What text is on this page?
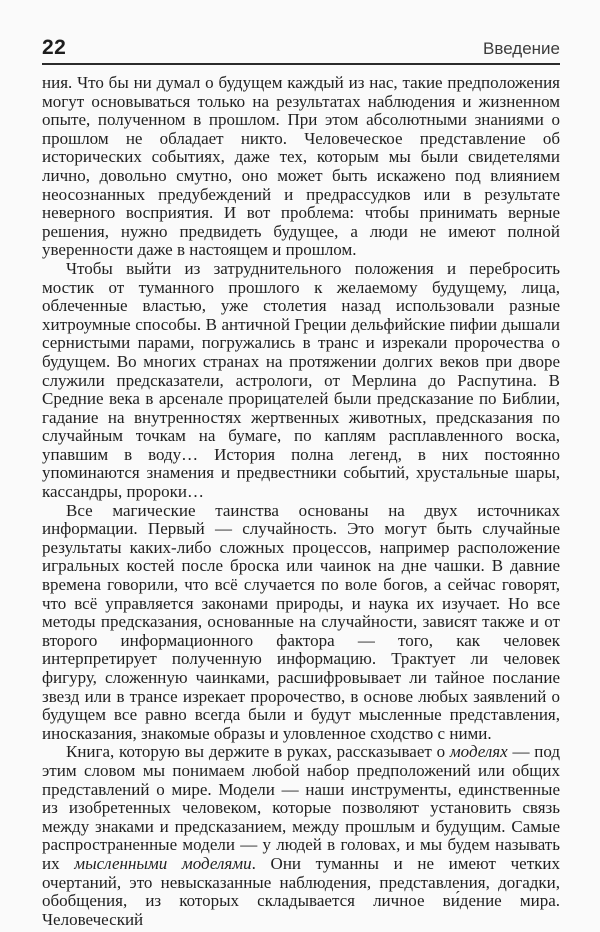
22	Введение

ния. Что бы ни думал о будущем каждый из нас, такие предположения могут основываться только на результатах наблюдения и жизненном опыте, полученном в прошлом. При этом абсолютными знаниями о прошлом не обладает никто. Человеческое представление об исторических событиях, даже тех, которым мы были свидетелями лично, довольно смутно, оно может быть искажено под влиянием неосознанных предубеждений и предрассудков или в результате неверного восприятия. И вот проблема: чтобы принимать верные решения, нужно предвидеть будущее, а люди не имеют полной уверенности даже в настоящем и прошлом.

Чтобы выйти из затруднительного положения и перебросить мостик от туманного прошлого к желаемому будущему, лица, облеченные властью, уже столетия назад использовали разные хитроумные способы. В античной Греции дельфийские пифии дышали сернистыми парами, погружались в транс и изрекали пророчества о будущем. Во многих странах на протяжении долгих веков при дворе служили предсказатели, астрологи, от Мерлина до Распутина. В Средние века в арсенале прорицателей были предсказание по Библии, гадание на внутренностях жертвенных животных, предсказания по случайным точкам на бумаге, по каплям расплавленного воска, упавшим в воду… История полна легенд, в них постоянно упоминаются знамения и предвестники событий, хрустальные шары, кассандры, пророки…

Все магические таинства основаны на двух источниках информации. Первый — случайность. Это могут быть случайные результаты каких-либо сложных процессов, например расположение игральных костей после броска или чаинок на дне чашки. В давние времена говорили, что всё случается по воле богов, а сейчас говорят, что всё управляется законами природы, и наука их изучает. Но все методы предсказания, основанные на случайности, зависят также и от второго информационного фактора — того, как человек интерпретирует полученную информацию. Трактует ли человек фигуру, сложенную чаинками, расшифровывает ли тайное послание звезд или в трансе изрекает пророчество, в основе любых заявлений о будущем все равно всегда были и будут мысленные представления, иносказания, знакомые образы и уловленное сходство с ними.

Книга, которую вы держите в руках, рассказывает о моделях — под этим словом мы понимаем любой набор предположений или общих представлений о мире. Модели — наши инструменты, единственные из изобретенных человеком, которые позволяют установить связь между знаками и предсказанием, между прошлым и будущим. Самые распространенные модели — у людей в головах, и мы будем называть их мысленными моделями. Они туманны и не имеют четких очертаний, это невысказанные наблюдения, представления, догадки, обобщения, из которых складывается личное ви́дение мира. Человеческий
